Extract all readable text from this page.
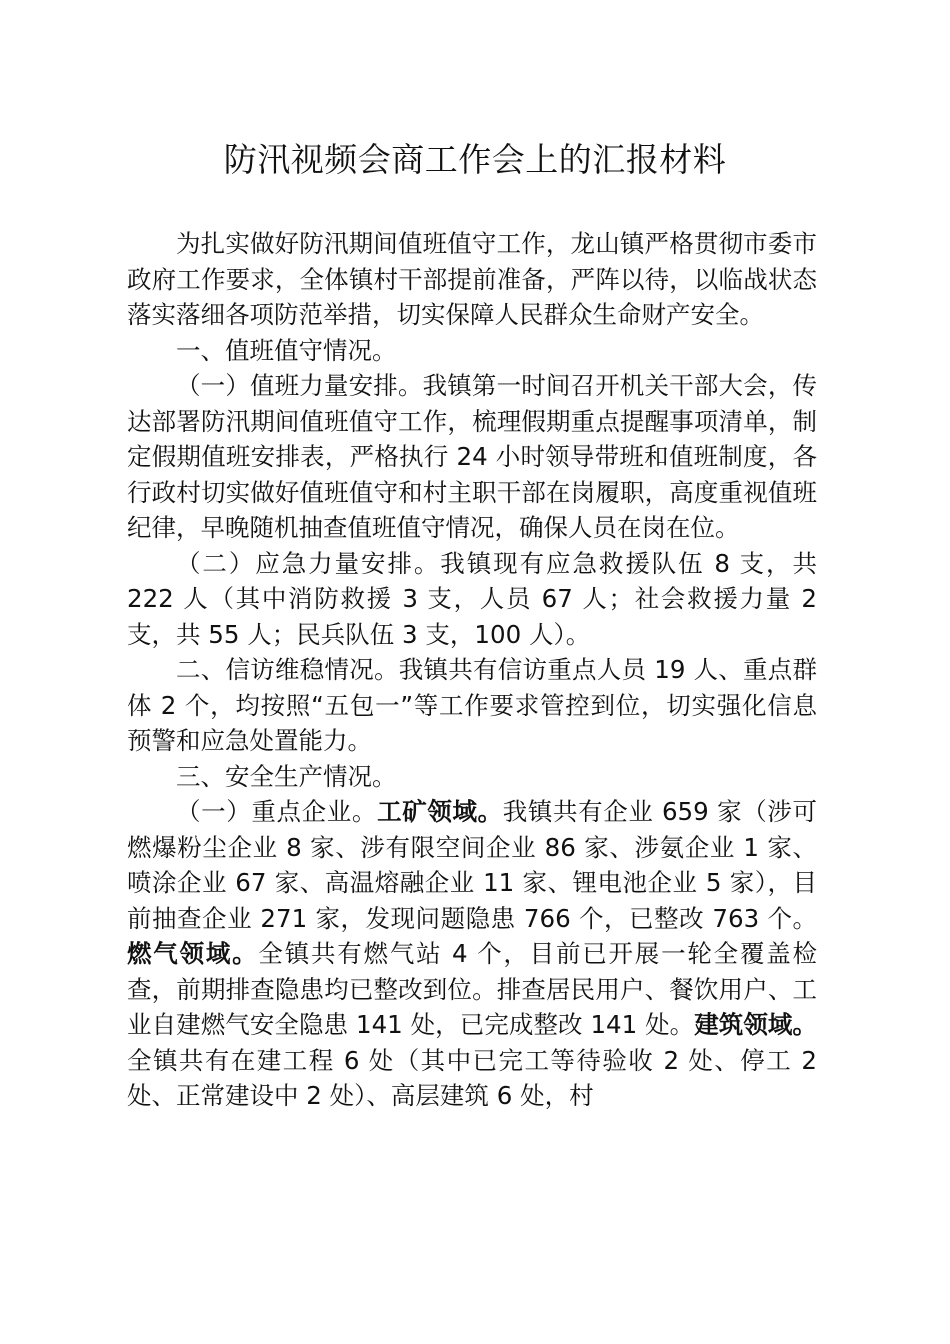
防汛视频会商工作会上的汇报材料

为扎实做好防汛期间值班值守工作，龙山镇严格贯彻市委市政府工作要求，全体镇村干部提前准备，严阵以待，以临战状态落实落细各项防范举措，切实保障人民群众生命财产安全。

一、值班值守情况。

（一）值班力量安排。我镇第一时间召开机关干部大会，传达部署防汛期间值班值守工作，梳理假期重点提醒事项清单，制定假期值班安排表，严格执行 24 小时领导带班和值班制度，各行政村切实做好值班值守和村主职干部在岗履职，高度重视值班纪律，早晚随机抽查值班值守情况，确保人员在岗在位。

（二）应急力量安排。我镇现有应急救援队伍 8 支，共 222 人（其中消防救援 3 支，人员 67 人；社会救援力量 2 支，共 55 人；民兵队伍 3 支，100 人）。

二、信访维稳情况。我镇共有信访重点人员 19 人、重点群体 2 个，均按照“五包一”等工作要求管控到位，切实强化信息预警和应急处置能力。

三、安全生产情况。

（一）重点企业。工矿领域。我镇共有企业 659 家（涉可燃爆粉尘企业 8 家、涉有限空间企业 86 家、涉氨企业 1 家、喷涂企业 67 家、高温熔融企业 11 家、锂电池企业 5 家），目前抽查企业 271 家，发现问题隐患 766 个，已整改 763 个。燃气领域。全镇共有燃气站 4 个，目前已开展一轮全覆盖检查，前期排查隐患均已整改到位。排查居民用户、餐饮用户、工业自建燃气安全隐患 141 处，已完成整改 141 处。建筑领域。全镇共有在建工程 6 处（其中已完工等待验收 2 处、停工 2 处、正常建设中 2 处）、高层建筑 6 处，村
